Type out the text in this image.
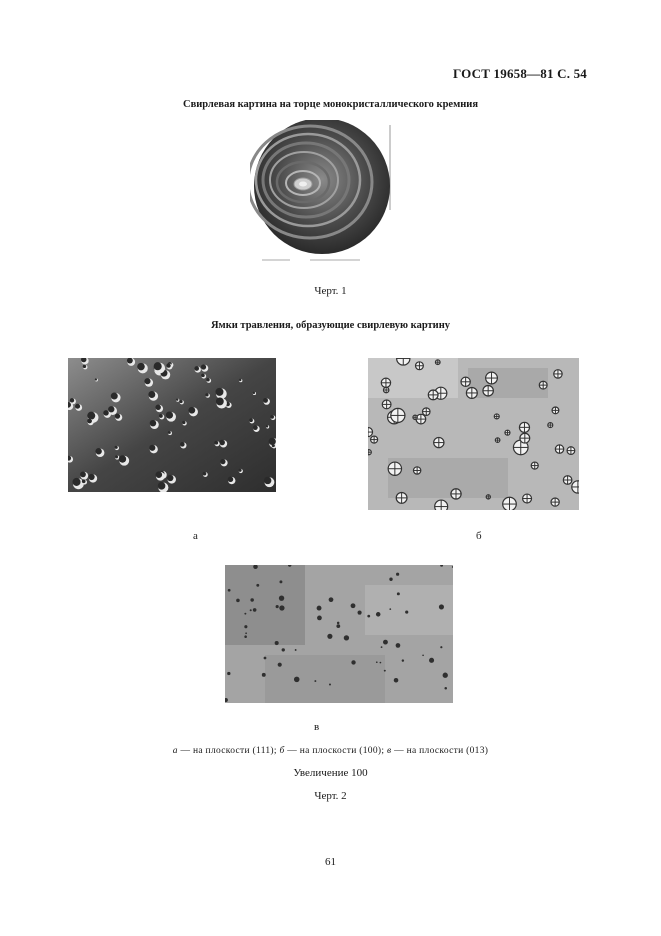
ГОСТ 19658—81 С. 54
Свирлевая картина на торце монокристаллического кремния
Черт. 1
Ямки травления, образующие свирлевую картину
а	б
в
а — на плоскости (111); б — на плоскости (100); в — на плоскости (013)
Увеличение 100
Черт. 2
61
